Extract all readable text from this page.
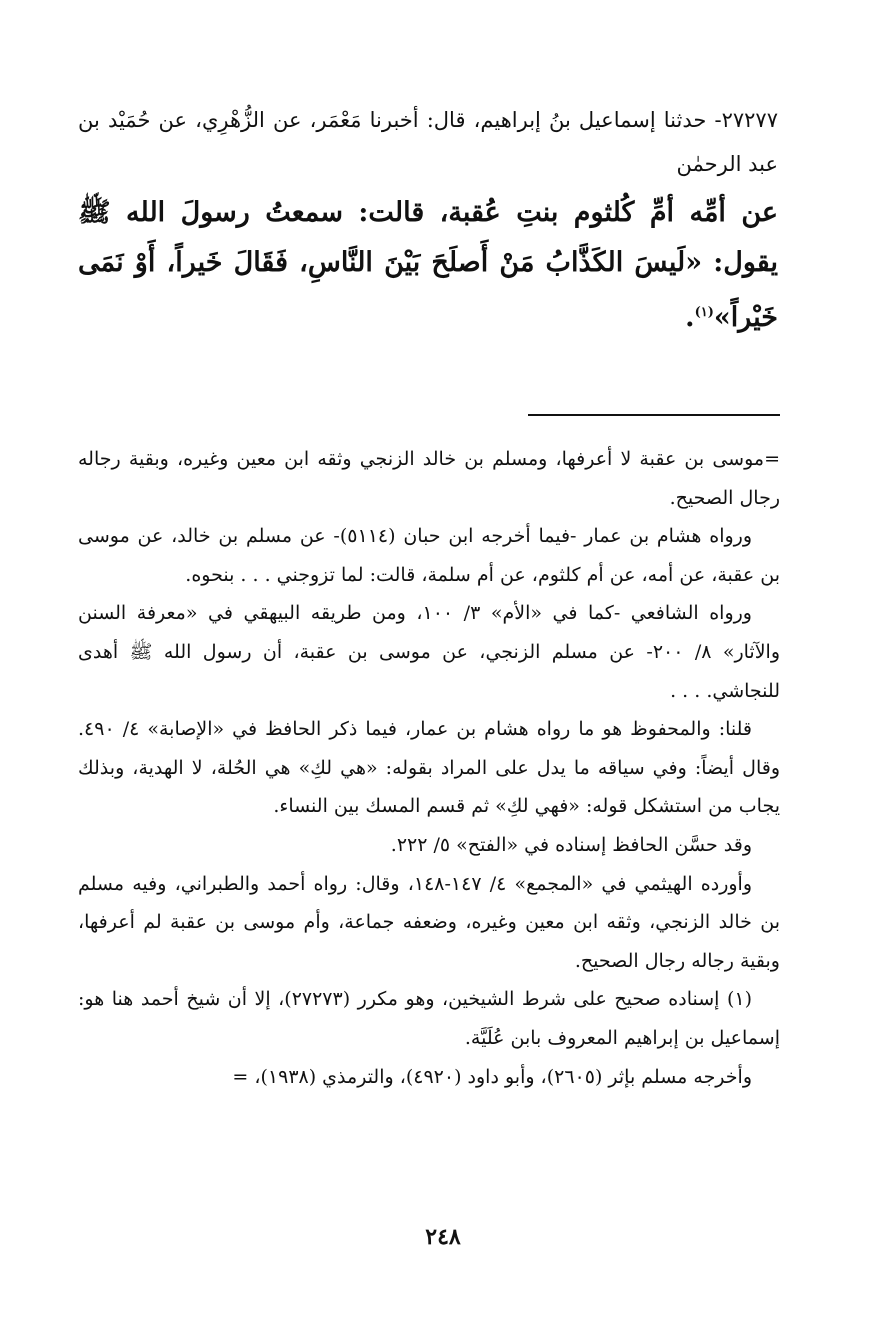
٢٧٢٧٧- حدثنا إسماعيل بنُ إبراهيم، قال: أخبرنا مَعْمَر، عن الزُّهْرِي، عن حُمَيْد بن عبد الرحمٰن
عن أمِّه أمِّ كُلثوم بنتِ عُقبة، قالت: سمعتُ رسولَ الله ﷺ يقول: «لَيسَ الكَذَّابُ مَنْ أَصلَحَ بَيْنَ النَّاسِ، فَقَالَ خَيراً، أَوْ نَمَى خَيْراً»$^{(١)}$.

=موسى بن عقبة لا أعرفها، ومسلم بن خالد الزنجي وثقه ابن معين وغيره، وبقية رجاله رجال الصحيح.

ورواه هشام بن عمار -فيما أخرجه ابن حبان (٥١١٤)- عن مسلم بن خالد، عن موسى بن عقبة، عن أمه، عن أم كلثوم، عن أم سلمة، قالت: لما تزوجني . . . بنحوه.

ورواه الشافعي -كما في «الأم» ٣/ ١٠٠، ومن طريقه البيهقي في «معرفة السنن والآثار» ٨/ ٢٠٠- عن مسلم الزنجي، عن موسى بن عقبة، أن رسول الله ﷺ أهدى للنجاشي. . . .

قلنا: والمحفوظ هو ما رواه هشام بن عمار، فيما ذكر الحافظ في «الإصابة» ٤/ ٤٩٠. وقال أيضاً: وفي سياقه ما يدل على المراد بقوله: «هي لكِ» هي الحُلة، لا الهدية، وبذلك يجاب من استشكل قوله: «فهي لكِ» ثم قسم المسك بين النساء.

وقد حسَّن الحافظ إسناده في «الفتح» ٥/ ٢٢٢.

وأورده الهيثمي في «المجمع» ٤/ ١٤٧-١٤٨، وقال: رواه أحمد والطبراني، وفيه مسلم بن خالد الزنجي، وثقه ابن معين وغيره، وضعفه جماعة، وأم موسى بن عقبة لم أعرفها، وبقية رجاله رجال الصحيح.

(١) إسناده صحيح على شرط الشيخين، وهو مكرر (٢٧٢٧٣)، إلا أن شيخ أحمد هنا هو: إسماعيل بن إبراهيم المعروف بابن عُلَيَّة.

وأخرجه مسلم بإثر (٢٦٠٥)، وأبو داود (٤٩٢٠)، والترمذي (١٩٣٨)، =

٢٤٨
